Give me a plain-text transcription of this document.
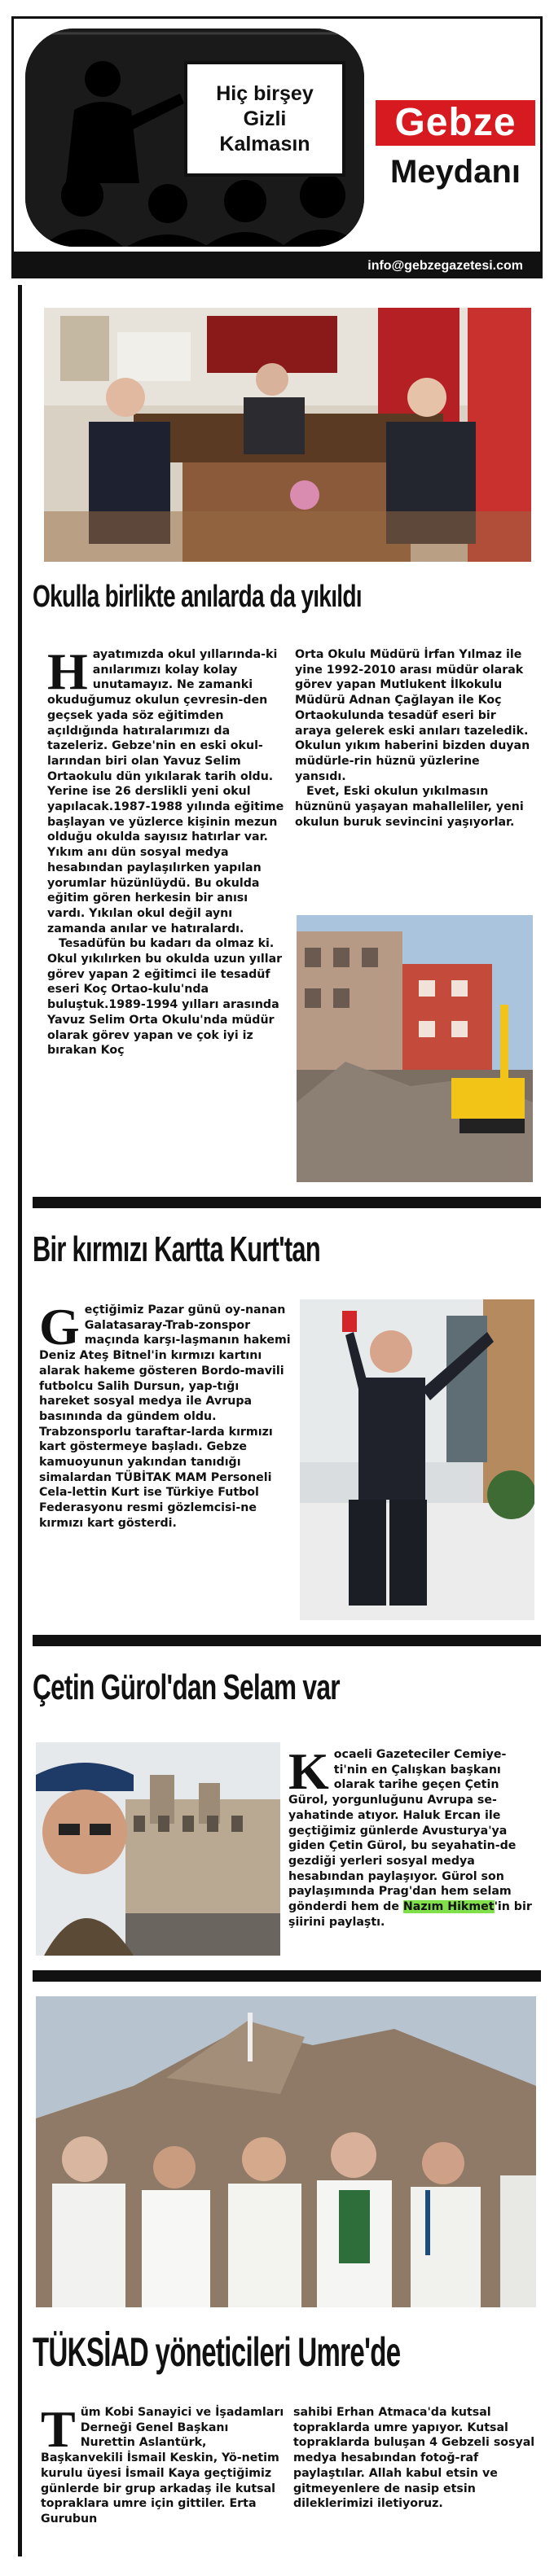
Hiç birşey
Gizli
Kalmasın	Gebze
Meydanı
info@gebzegazetesi.com
Okulla birlikte anılarda da yıkıldı

Hayatımızda okul yıllarında-ki anılarımızı kolay kolay unutamayız. Ne zamanki okuduğumuz okulun çevresin-den geçsek yada söz eğitimden açıldığında hatıralarımızı da tazeleriz. Gebze'nin en eski okul-larından biri olan Yavuz Selim Ortaokulu dün yıkılarak tarih oldu. Yerine ise 26 derslikli yeni okul yapılacak.1987-1988 yılında eğitime başlayan ve yüzlerce kişinin mezun olduğu okulda sayısız hatırlar var. Yıkım anı dün sosyal medya hesabından paylaşılırken yapılan yorumlar hüzünlüydü. Bu okulda eğitim gören herkesin bir anısı vardı. Yıkılan okul değil aynı zamanda anılar ve hatıralardı.

Tesadüfün bu kadarı da olmaz ki. Okul yıkılırken bu okulda uzun yıllar görev yapan 2 eğitimci ile tesadüf eseri Koç Ortao-kulu'nda buluştuk.1989-1994 yılları arasında Yavuz Selim Orta Okulu'nda müdür olarak görev yapan ve çok iyi iz bırakan Koç

Orta Okulu Müdürü İrfan Yılmaz ile yine 1992-2010 arası müdür olarak görev yapan Mutlukent İlkokulu Müdürü Adnan Çağlayan ile Koç Ortaokulunda tesadüf eseri bir araya gelerek eski anıları tazeledik. Okulun yıkım haberini bizden duyan müdürle-rin hüznü yüzlerine yansıdı.

Evet, Eski okulun yıkılmasın hüznünü yaşayan mahalleliler, yeni okulun buruk sevincini yaşıyorlar.

Bir kırmızı Kartta Kurt'tan

Geçtiğimiz Pazar günü oy-nanan Galatasaray-Trab-zonspor maçında karşı-laşmanın hakemi Deniz Ateş Bitnel'in kırmızı kartını alarak hakeme gösteren Bordo-mavili futbolcu Salih Dursun, yap-tığı hareket sosyal medya ile Avrupa basınında da gündem oldu. Trabzonsporlu taraftar-larda kırmızı kart göstermeye başladı. Gebze kamuoyunun yakından tanıdığı simalardan TÜBİTAK MAM Personeli Cela-lettin Kurt ise Türkiye Futbol Federasyonu resmi gözlemcisi-ne kırmızı kart gösterdi.

Çetin Gürol'dan Selam var

Kocaeli Gazeteciler Cemiye-ti'nin en Çalışkan başkanı olarak tarihe geçen Çetin Gürol, yorgunluğunu Avrupa se-yahatinde atıyor. Haluk Ercan ile geçtiğimiz günlerde Avusturya'ya giden Çetin Gürol, bu seyahatin-de gezdiği yerleri sosyal medya hesabından paylaşıyor. Gürol son paylaşımında Prag'dan hem selam gönderdi hem de Nazım Hikmet'in bir şiirini paylaştı.

TÜKSİAD yöneticileri Umre'de

Tüm Kobi Sanayici ve İşadamları Derneği Genel Başkanı Nurettin Aslantürk, Başkanvekili İsmail Keskin, Yö-netim kurulu üyesi İsmail Kaya geçtiğimiz günlerde bir grup arkadaş ile kutsal topraklara umre için gittiler. Erta Gurubun

sahibi Erhan Atmaca'da kutsal topraklarda umre yapıyor. Kutsal topraklarda buluşan 4 Gebzeli sosyal medya hesabından fotoğ-raf paylaştılar. Allah kabul etsin ve gitmeyenlere de nasip etsin dileklerimizi iletiyoruz.
